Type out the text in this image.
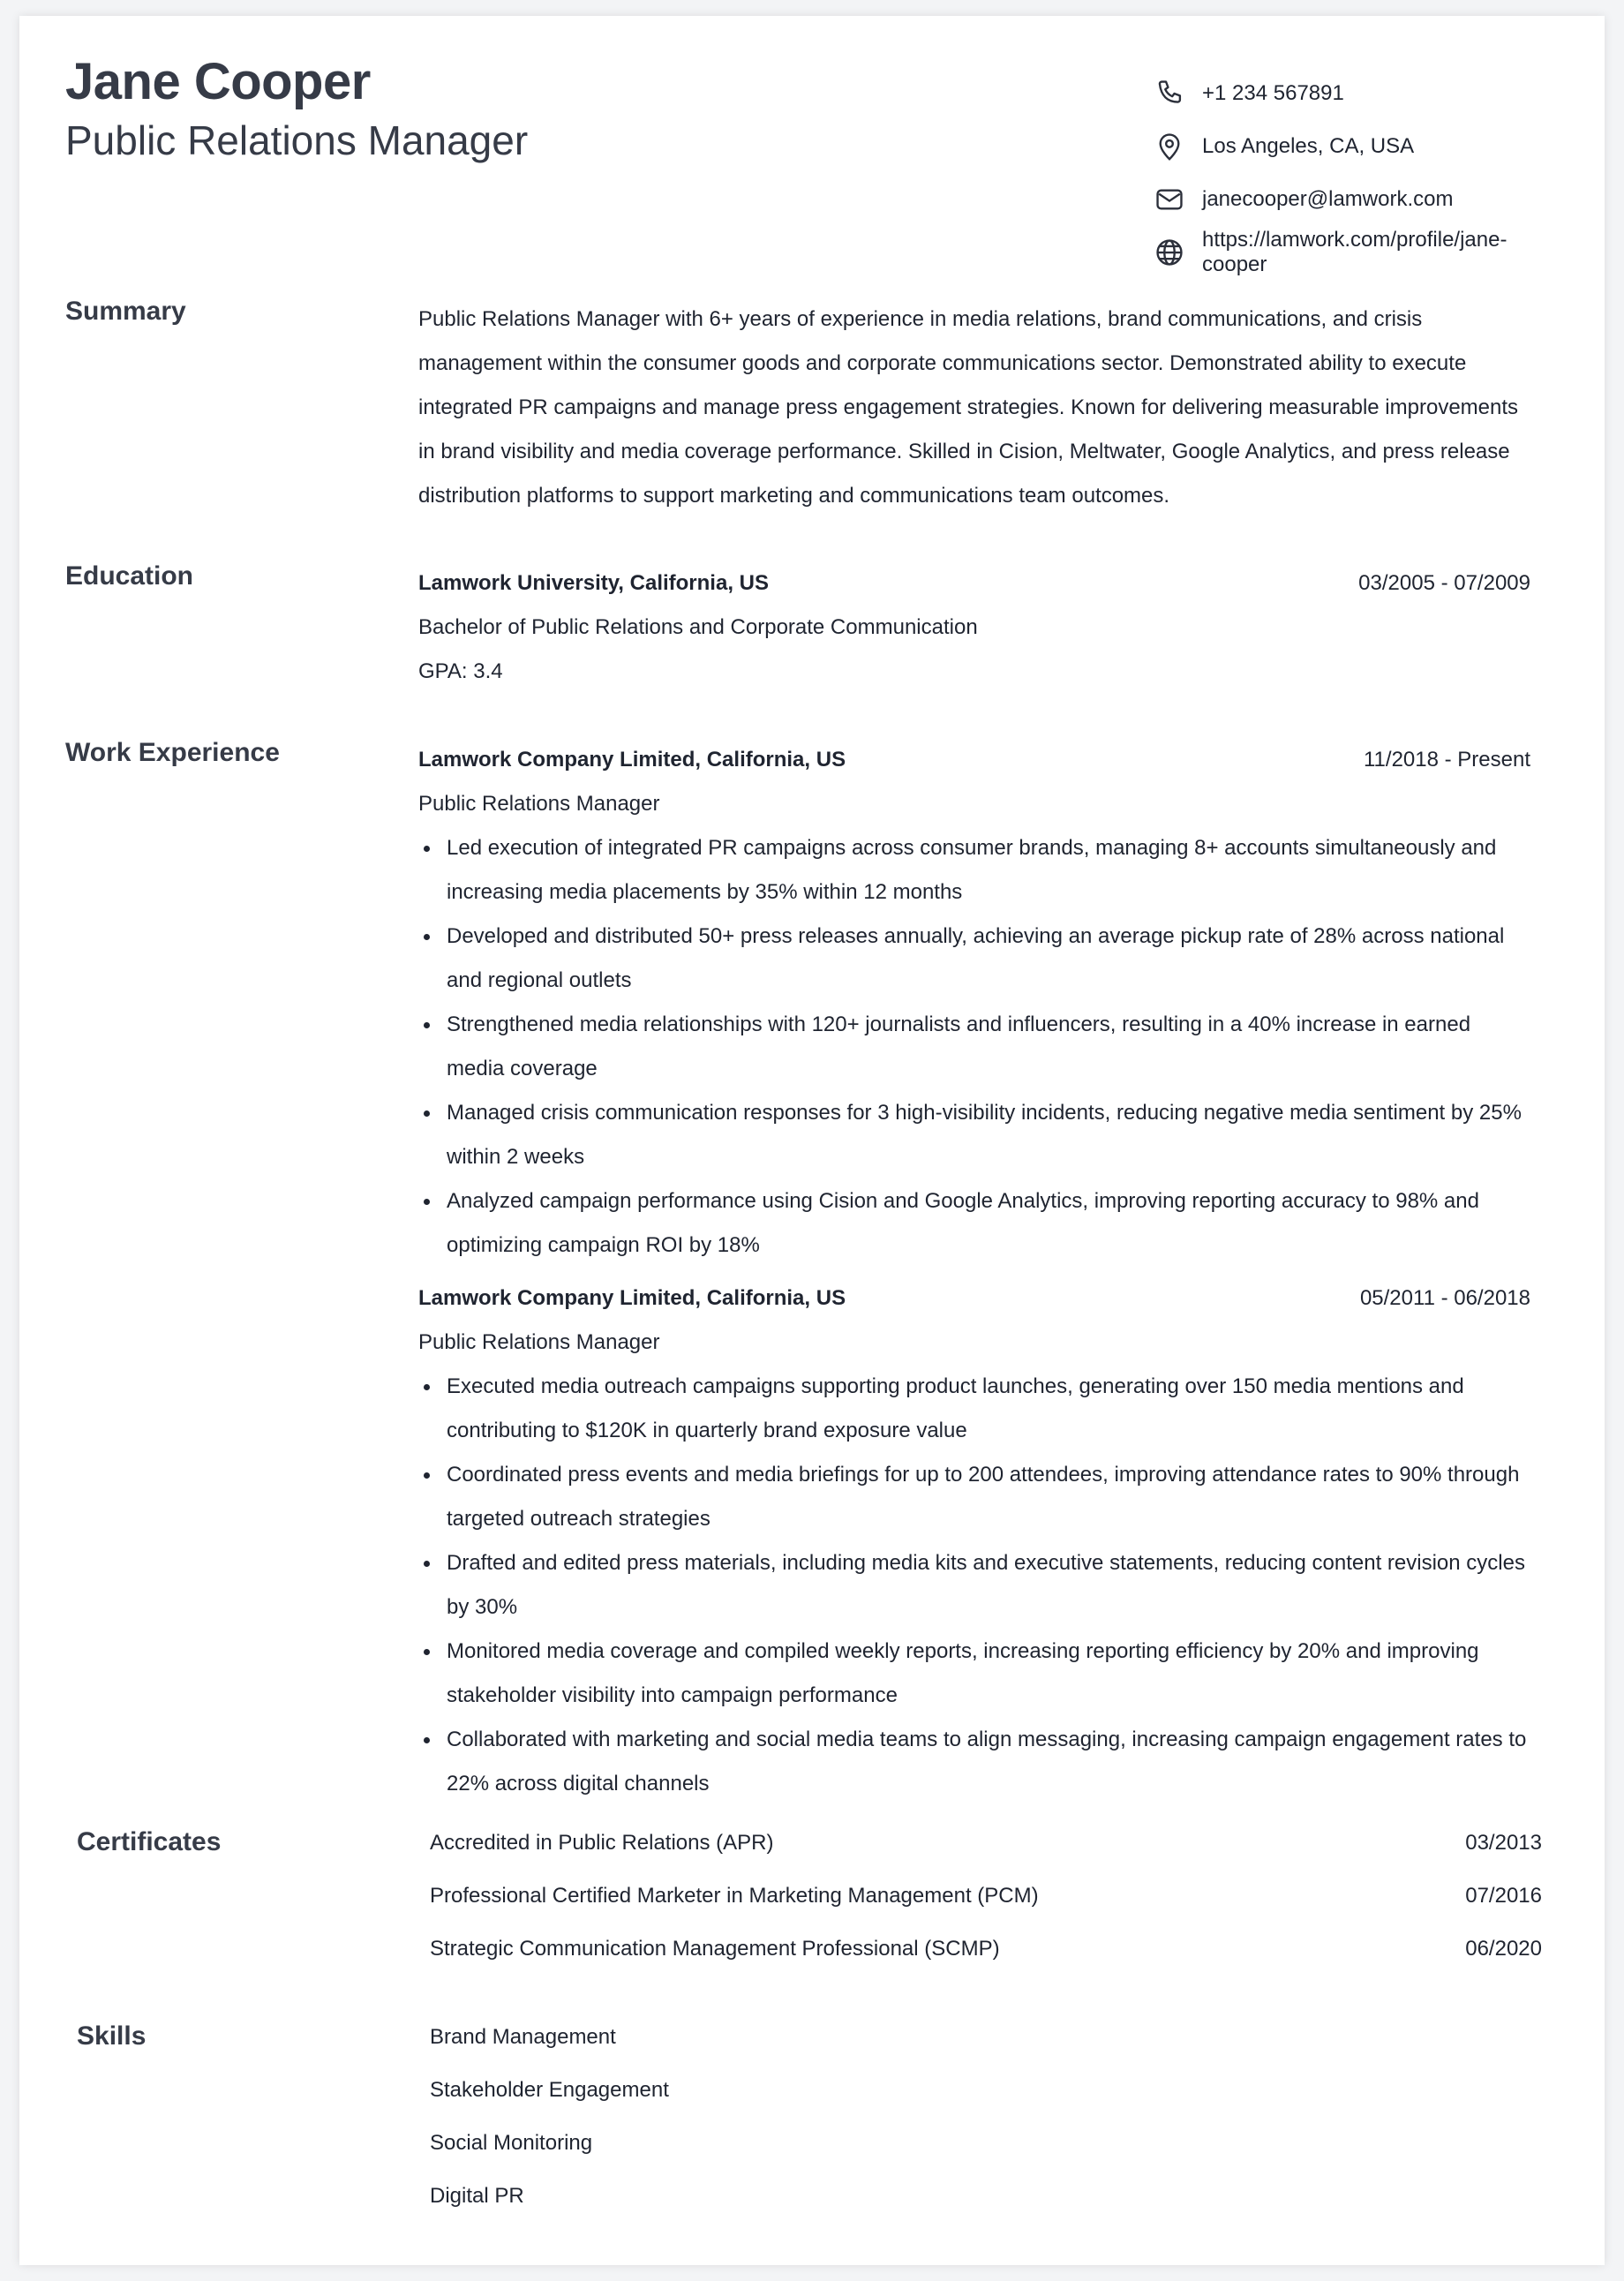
Jane Cooper
Public Relations Manager
+1 234 567891
Los Angeles, CA, USA
janecooper@lamwork.com
https://lamwork.com/profile/jane-cooper
Summary	Public Relations Manager with 6+ years of experience in media relations, brand communications, and crisis management within the consumer goods and corporate communications sector. Demonstrated ability to execute integrated PR campaigns and manage press engagement strategies. Known for delivering measurable improvements in brand visibility and media coverage performance. Skilled in Cision, Meltwater, Google Analytics, and press release distribution platforms to support marketing and communications team outcomes.
Education	Lamwork University, California, US	03/2005 - 07/2009
Bachelor of Public Relations and Corporate Communication
GPA: 3.4
Work Experience	Lamwork Company Limited, California, US	11/2018 - Present
Public Relations Manager
Led execution of integrated PR campaigns across consumer brands, managing 8+ accounts simultaneously and increasing media placements by 35% within 12 months
Developed and distributed 50+ press releases annually, achieving an average pickup rate of 28% across national and regional outlets
Strengthened media relationships with 120+ journalists and influencers, resulting in a 40% increase in earned media coverage
Managed crisis communication responses for 3 high-visibility incidents, reducing negative media sentiment by 25% within 2 weeks
Analyzed campaign performance using Cision and Google Analytics, improving reporting accuracy to 98% and optimizing campaign ROI by 18%
Lamwork Company Limited, California, US	05/2011 - 06/2018
Public Relations Manager
Executed media outreach campaigns supporting product launches, generating over 150 media mentions and contributing to $120K in quarterly brand exposure value
Coordinated press events and media briefings for up to 200 attendees, improving attendance rates to 90% through targeted outreach strategies
Drafted and edited press materials, including media kits and executive statements, reducing content revision cycles by 30%
Monitored media coverage and compiled weekly reports, increasing reporting efficiency by 20% and improving stakeholder visibility into campaign performance
Collaborated with marketing and social media teams to align messaging, increasing campaign engagement rates to 22% across digital channels
Certificates	Accredited in Public Relations (APR)	03/2013
Professional Certified Marketer in Marketing Management (PCM)	07/2016
Strategic Communication Management Professional (SCMP)	06/2020
Skills	Brand Management
Stakeholder Engagement
Social Monitoring
Digital PR
